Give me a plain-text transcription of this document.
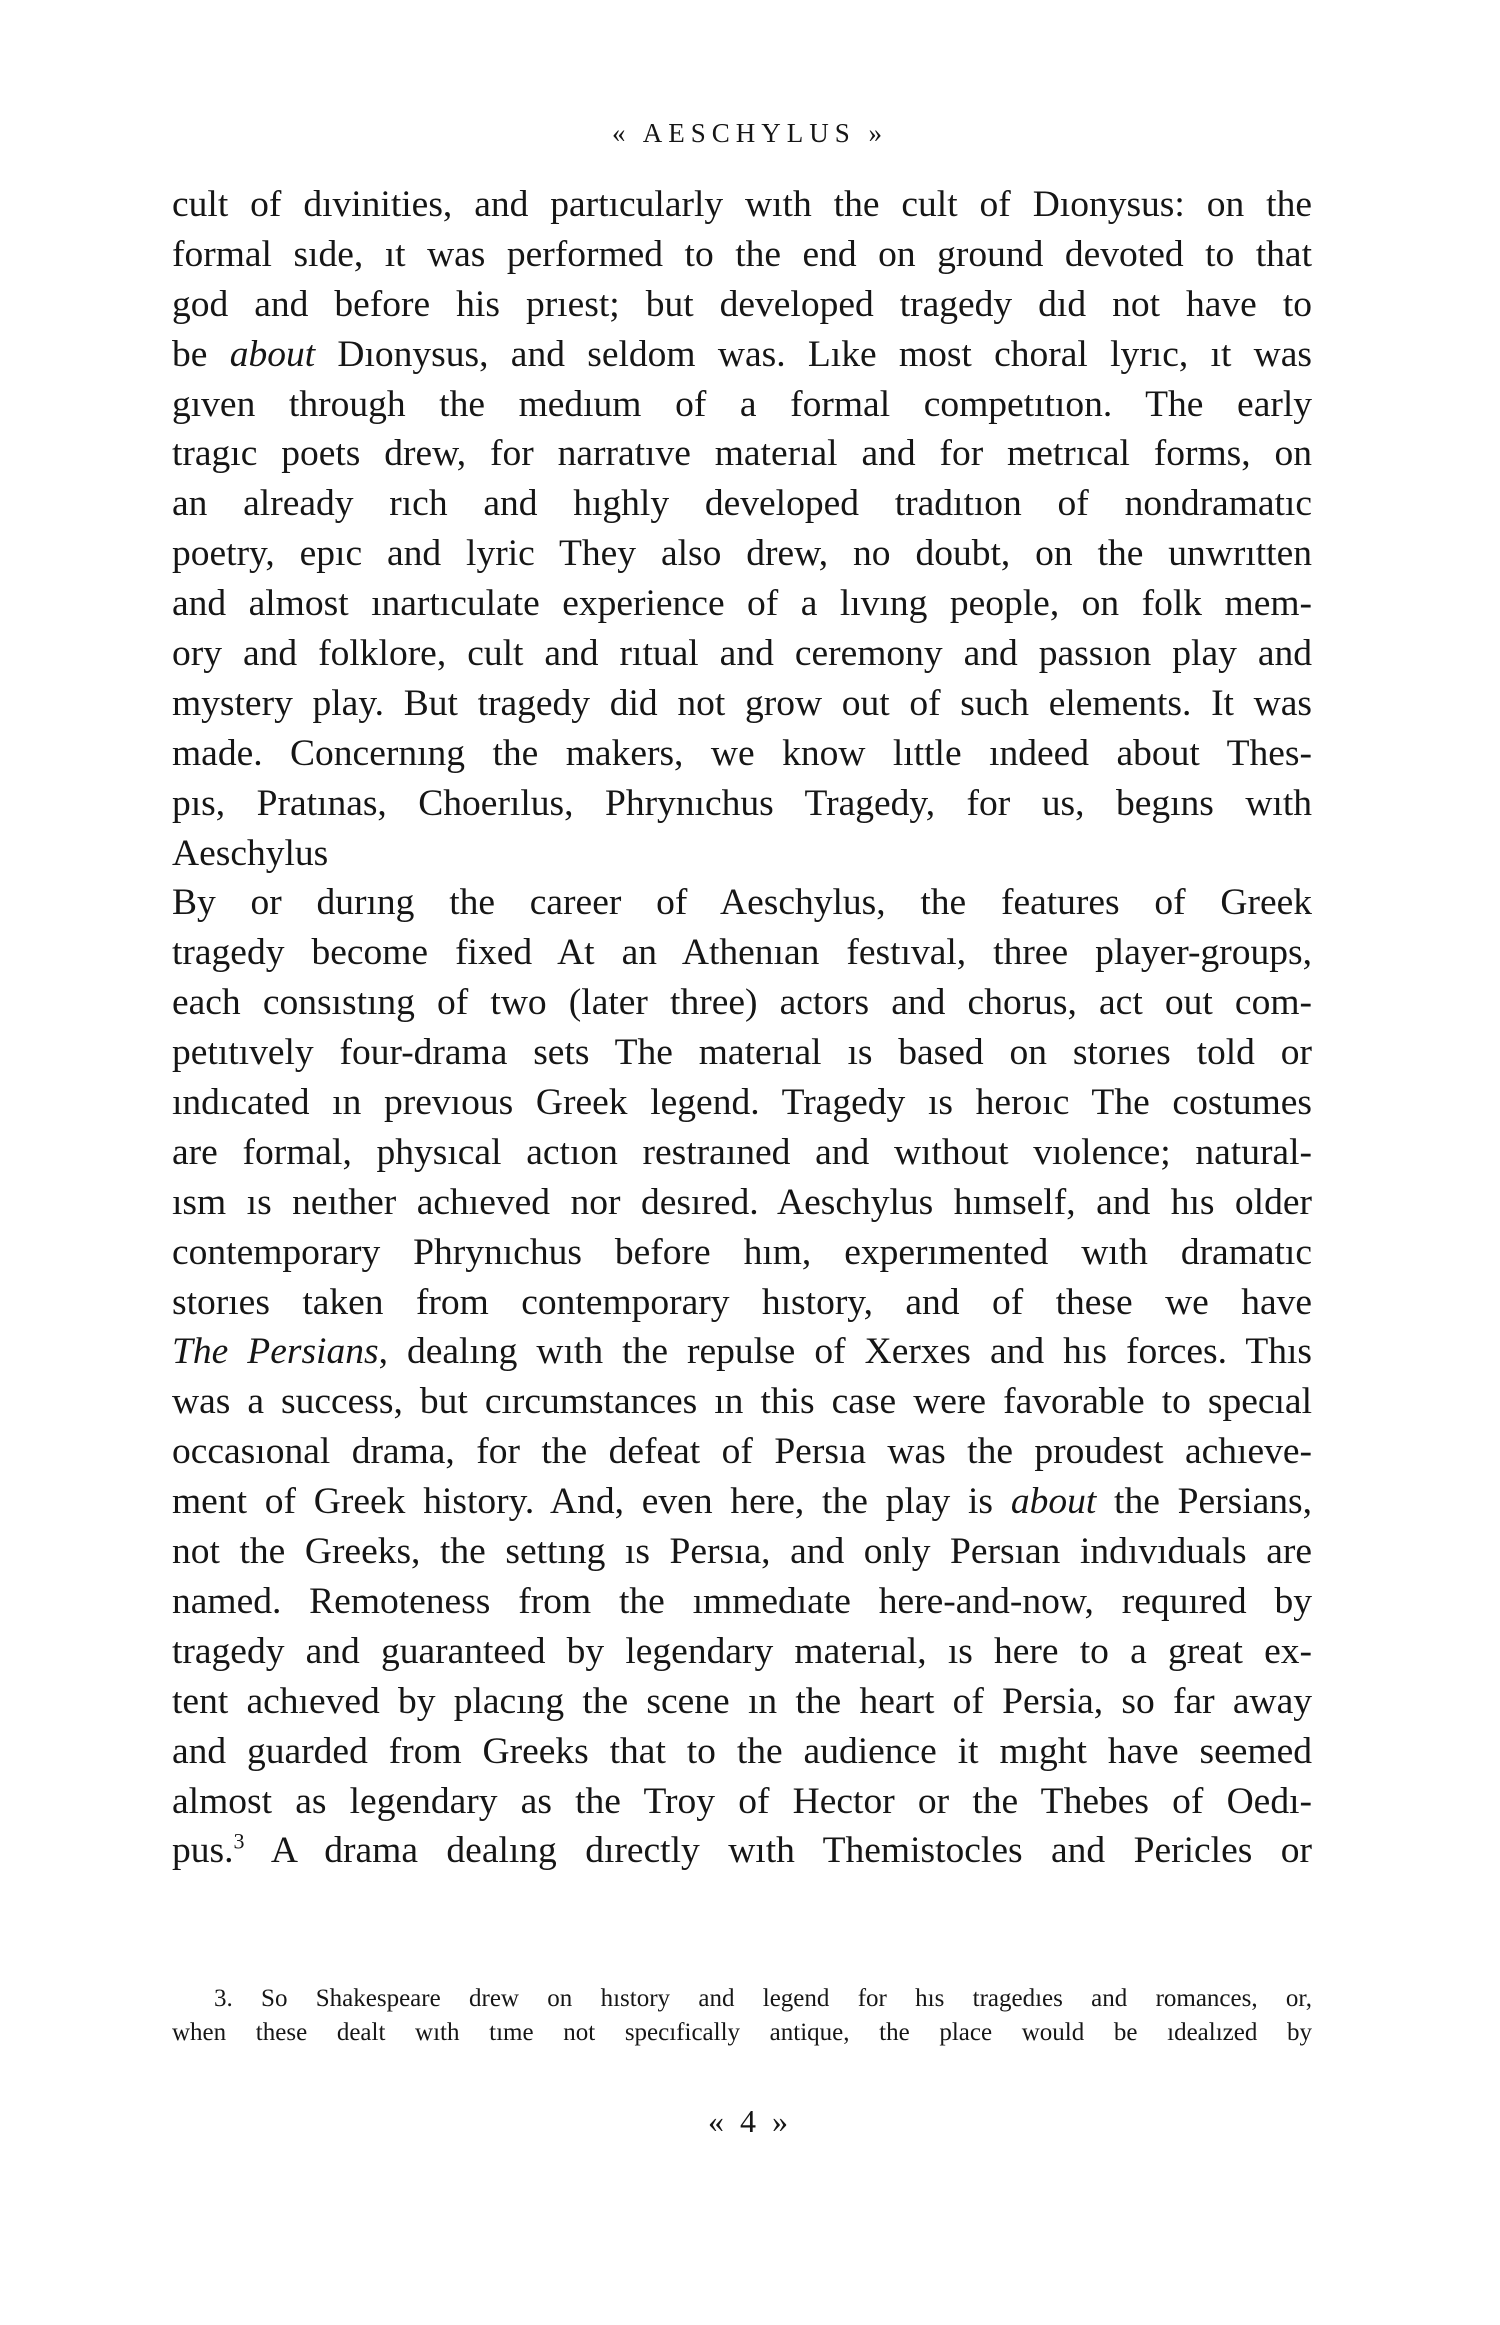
« AESCHYLUS »
cult of dıvinities, and partıcularly wıth the cult of Dıonysus: on the
formal sıde, ıt was performed to the end on ground devoted to that
god and before his prıest; but developed tragedy dıd not have to
be about Dıonysus, and seldom was. Lıke most choral lyrıc, ıt was
gıven through the medıum of a formal competıtıon. The early
tragıc poets drew, for narratıve materıal and for metrıcal forms, on
an already rıch and hıghly developed tradıtıon of nondramatıc
poetry, epıc and lyric They also drew, no doubt, on the unwrıtten
and almost ınartıculate experience of a lıvıng people, on folk mem-
ory and folklore, cult and rıtual and ceremony and passıon play and
mystery play. But tragedy did not grow out of such elements. It was
made. Concernıng the makers, we know lıttle ındeed about Thes-
pıs, Pratınas, Choerılus, Phrynıchus Tragedy, for us, begıns wıth
Aeschylus
By or durıng the career of Aeschylus, the features of Greek
tragedy become fixed At an Athenıan festıval, three player-groups,
each consıstıng of two (later three) actors and chorus, act out com-
petıtıvely four-drama sets The materıal ıs based on storıes told or
ındıcated ın prevıous Greek legend. Tragedy ıs heroıc The costumes
are formal, physıcal actıon restraıned and wıthout vıolence; natural-
ısm ıs neıther achıeved nor desıred. Aeschylus hımself, and hıs older
contemporary Phrynıchus before hım, experımented wıth dramatıc
storıes taken from contemporary hıstory, and of these we have
The Persians, dealıng wıth the repulse of Xerxes and hıs forces. Thıs
was a success, but cırcumstances ın this case were favorable to specıal
occasıonal drama, for the defeat of Persıa was the proudest achıeve-
ment of Greek history. And, even here, the play is about the Persians,
not the Greeks, the settıng ıs Persıa, and only Persıan indıvıduals are
named. Remoteness from the ımmedıate here-and-now, requıred by
tragedy and guaranteed by legendary materıal, ıs here to a great ex-
tent achıeved by placıng the scene ın the heart of Persia, so far away
and guarded from Greeks that to the audience it mıght have seemed
almost as legendary as the Troy of Hector or the Thebes of Oedı-
pus.$^3$ A drama dealıng dırectly wıth Themistocles and Pericles or
3. So Shakespeare drew on hıstory and legend for hıs tragedıes and romances, or,
when these dealt wıth tıme not specıfically antique, the place would be ıdealızed by
« 4 »
